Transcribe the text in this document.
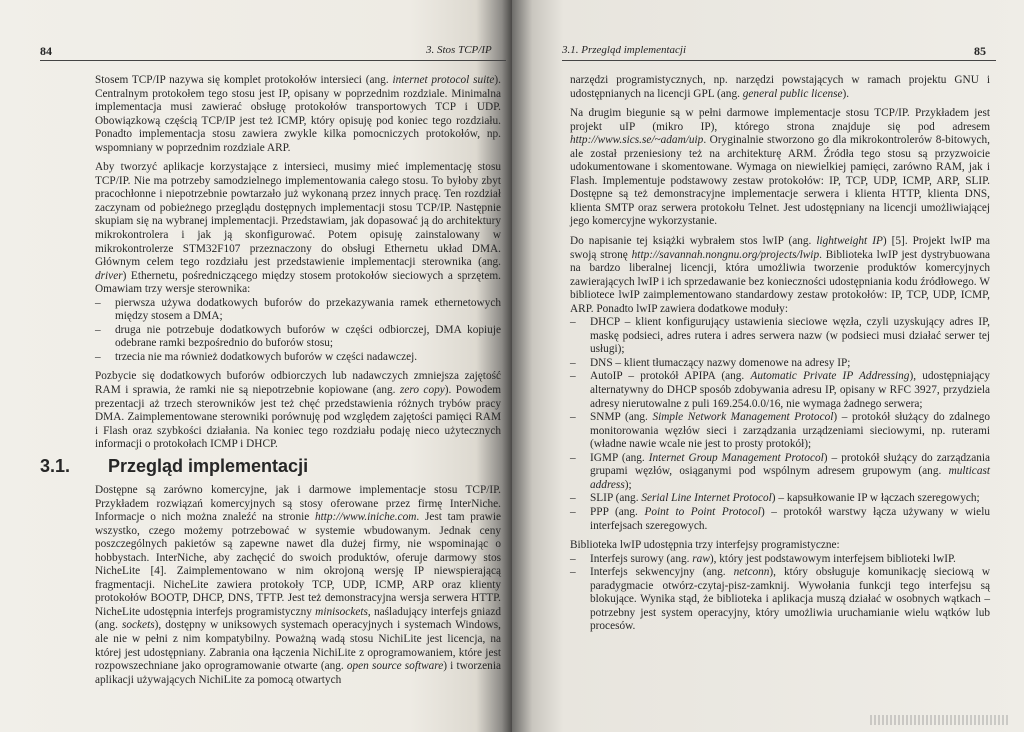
84	3. Stos TCP/IP

Stosem TCP/IP nazywa się komplet protokołów intersieci (ang. internet protocol suite). Centralnym protokołem tego stosu jest IP, opisany w poprzednim rozdziale. Minimalna implementacja musi zawierać obsługę protokołów transportowych TCP i UDP. Obowiązkową częścią TCP/IP jest też ICMP, który opisuję pod koniec tego rozdziału. Ponadto implementacja stosu zawiera zwykle kilka pomocniczych protokołów, np. wspomniany w poprzednim rozdziale ARP.

Aby tworzyć aplikacje korzystające z intersieci, musimy mieć implementację stosu TCP/IP. Nie ma potrzeby samodzielnego implementowania całego stosu. To byłoby zbyt pracochłonne i niepotrzebnie powtarzało już wykonaną przez innych pracę. Ten rozdział zaczynam od pobieżnego przeglądu dostępnych implementacji stosu TCP/IP. Następnie skupiam się na wybranej implementacji. Przedstawiam, jak dopasować ją do architektury mikrokontrolera i jak ją skonfigurować. Potem opisuję zainstalowany w mikrokontrolerze STM32F107 przeznaczony do obsługi Ethernetu układ DMA. Głównym celem tego rozdziału jest przedstawienie implementacji sterownika (ang. driver) Ethernetu, pośredniczącego między stosem protokołów sieciowych a sprzętem. Omawiam trzy wersje sterownika:

– pierwsza używa dodatkowych buforów do przekazywania ramek ethernetowych między stosem a DMA;
– druga nie potrzebuje dodatkowych buforów w części odbiorczej, DMA kopiuje odebrane ramki bezpośrednio do buforów stosu;
– trzecia nie ma również dodatkowych buforów w części nadawczej.

Pozbycie się dodatkowych buforów odbiorczych lub nadawczych zmniejsza zajętość RAM i sprawia, że ramki nie są niepotrzebnie kopiowane (ang. zero copy). Powodem prezentacji aż trzech sterowników jest też chęć przedstawienia różnych trybów pracy DMA. Zaimplementowane sterowniki porównuję pod względem zajętości pamięci RAM i Flash oraz szybkości działania. Na koniec tego rozdziału podaję nieco użytecznych informacji o protokołach ICMP i DHCP.

3.1. Przegląd implementacji

Dostępne są zarówno komercyjne, jak i darmowe implementacje stosu TCP/IP. Przykładem rozwiązań komercyjnych są stosy oferowane przez firmę InterNiche. Informacje o nich można znaleźć na stronie http://www.iniche.com. Jest tam prawie wszystko, czego możemy potrzebować w systemie wbudowanym. Jednak ceny poszczególnych pakietów są zapewne nawet dla dużej firmy, nie wspominając o hobbystach. InterNiche, aby zachęcić do swoich produktów, oferuje darmowy stos NicheLite [4]. Zaimplementowano w nim okrojoną wersję IP niewspierającą fragmentacji. NicheLite zawiera protokoły TCP, UDP, ICMP, ARP oraz klienty protokołów BOOTP, DHCP, DNS, TFTP. Jest też demonstracyjna wersja serwera HTTP. NicheLite udostępnia interfejs programistyczny minisockets, naśladujący interfejs gniazd (ang. sockets), dostępny w uniksowych systemach operacyjnych i systemach Windows, ale nie w pełni z nim kompatybilny. Poważną wadą stosu NichiLite jest licencja, na której jest udostępniany. Zabrania ona łączenia NichiLite z oprogramowaniem, które jest rozpowszechniane jako oprogramowanie otwarte (ang. open source software) i tworzenia aplikacji używających NichiLite za pomocą otwartych

3.1. Przegląd implementacji	85

narzędzi programistycznych, np. narzędzi powstających w ramach projektu GNU i udostępnianych na licencji GPL (ang. general public license).

Na drugim biegunie są w pełni darmowe implementacje stosu TCP/IP. Przykładem jest projekt uIP (mikro IP), którego strona znajduje się pod adresem http://www.sics.se/~adam/uip. Oryginalnie stworzono go dla mikrokontrolerów 8-bitowych, ale został przeniesiony też na architekturę ARM. Źródła tego stosu są przyzwoicie udokumentowane i skomentowane. Wymaga on niewielkiej pamięci, zarówno RAM, jak i Flash. Implementuje podstawowy zestaw protokołów: IP, TCP, UDP, ICMP, ARP, SLIP. Dostępne są też demonstracyjne implementacje serwera i klienta HTTP, klienta DNS, klienta SMTP oraz serwera protokołu Telnet. Jest udostępniany na licencji umożliwiającej jego komercyjne wykorzystanie.

Do napisanie tej książki wybrałem stos lwIP (ang. lightweight IP) [5]. Projekt lwIP ma swoją stronę http://savannah.nongnu.org/projects/lwip. Biblioteka lwIP jest dystrybuowana na bardzo liberalnej licencji, która umożliwia tworzenie produktów komercyjnych zawierających lwIP i ich sprzedawanie bez konieczności udostępniania kodu źródłowego. W bibliotece lwIP zaimplementowano standardowy zestaw protokołów: IP, TCP, UDP, ICMP, ARP. Ponadto lwIP zawiera dodatkowe moduły:

– DHCP – klient konfigurujący ustawienia sieciowe węzła, czyli uzyskujący adres IP, maskę podsieci, adres rutera i adres serwera nazw (w podsieci musi działać serwer tej usługi);
– DNS – klient tłumaczący nazwy domenowe na adresy IP;
– AutoIP – protokół APIPA (ang. Automatic Private IP Addressing), udostępniający alternatywny do DHCP sposób zdobywania adresu IP, opisany w RFC 3927, przydziela adresy nierutowalne z puli 169.254.0.0/16, nie wymaga żadnego serwera;
– SNMP (ang. Simple Network Management Protocol) – protokół służący do zdalnego monitorowania węzłów sieci i zarządzania urządzeniami sieciowymi, np. ruterami (władne nawie wcale nie jest to prosty protokół);
– IGMP (ang. Internet Group Management Protocol) – protokół służący do zarządzania grupami węzłów, osiąganymi pod wspólnym adresem grupowym (ang. multicast address);
– SLIP (ang. Serial Line Internet Protocol) – kapsułkowanie IP w łączach szeregowych;
– PPP (ang. Point to Point Protocol) – protokół warstwy łącza używany w wielu interfejsach szeregowych.

Biblioteka lwIP udostępnia trzy interfejsy programistyczne:

– Interfejs surowy (ang. raw), który jest podstawowym interfejsem biblioteki lwIP.
– Interfejs sekwencyjny (ang. netconn), który obsługuje komunikację sieciową w paradygmacie otwórz-czytaj-pisz-zamknij. Wywołania funkcji tego interfejsu są blokujące. Wynika stąd, że biblioteka i aplikacja muszą działać w osobnych wątkach – potrzebny jest system operacyjny, który umożliwia uruchamianie wielu wątków lub procesów.
